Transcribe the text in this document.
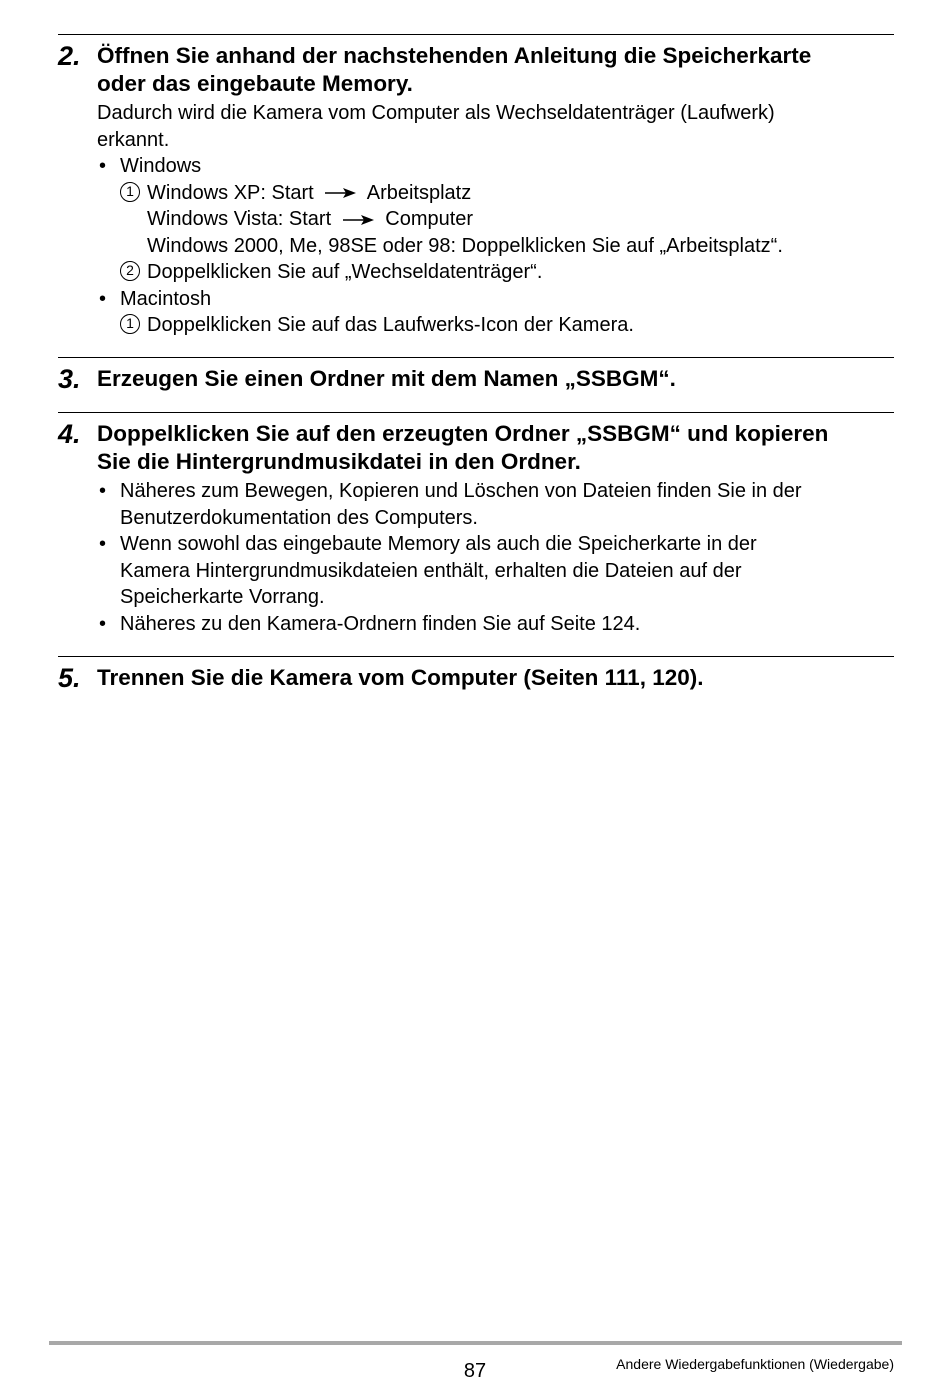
2. Öffnen Sie anhand der nachstehenden Anleitung die Speicherkarte
oder das eingebaute Memory.
Dadurch wird die Kamera vom Computer als Wechseldatenträger (Laufwerk)
erkannt.
• Windows
1 Windows XP: Start	Arbeitsplatz
Windows Vista: Start	Computer
Windows 2000, Me, 98SE oder 98: Doppelklicken Sie auf „Arbeitsplatz“.
2 Doppelklicken Sie auf „Wechseldatenträger“.
• Macintosh
1 Doppelklicken Sie auf das Laufwerks-Icon der Kamera.
3. Erzeugen Sie einen Ordner mit dem Namen „SSBGM“.
4. Doppelklicken Sie auf den erzeugten Ordner „SSBGM“ und kopieren
Sie die Hintergrundmusikdatei in den Ordner.
• Näheres zum Bewegen, Kopieren und Löschen von Dateien finden Sie in der
Benutzerdokumentation des Computers.
• Wenn sowohl das eingebaute Memory als auch die Speicherkarte in der
Kamera Hintergrundmusikdateien enthält, erhalten die Dateien auf der
Speicherkarte Vorrang.
• Näheres zu den Kamera-Ordnern finden Sie auf Seite 124.
5. Trennen Sie die Kamera vom Computer (Seiten 111, 120).
87	Andere Wiedergabefunktionen (Wiedergabe)
